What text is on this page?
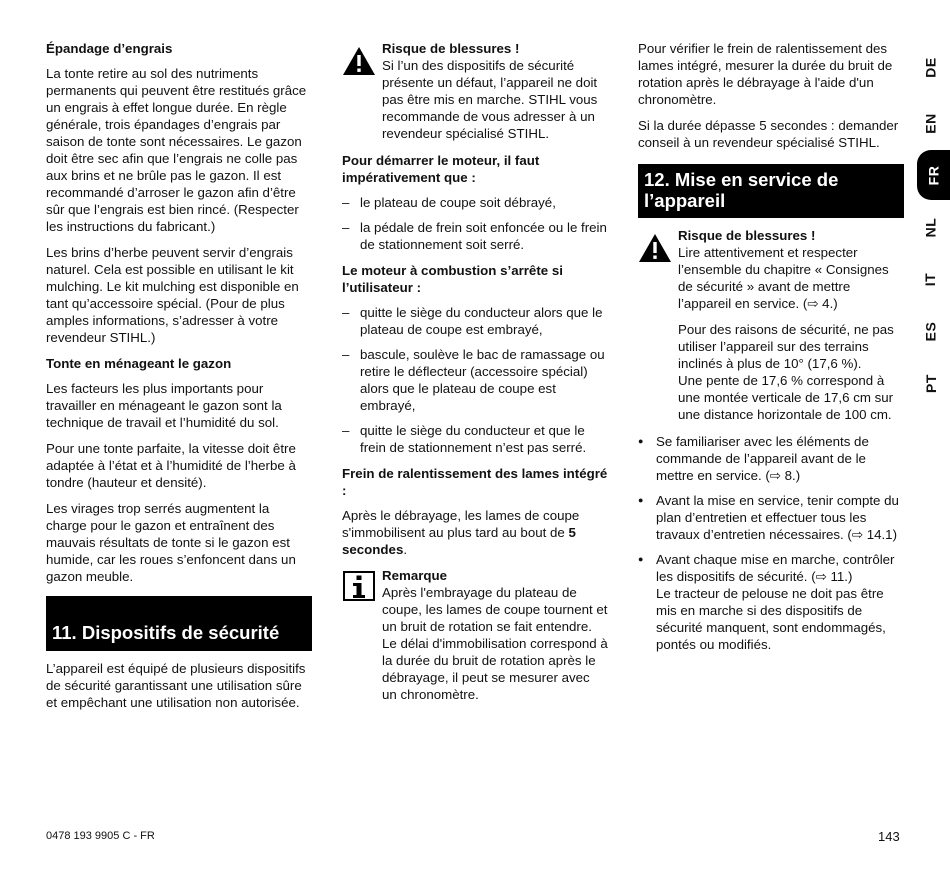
Épandage d’engrais

La tonte retire au sol des nutriments permanents qui peuvent être restitués grâce un engrais à effet longue durée. En règle générale, trois épandages d’engrais par saison de tonte sont nécessaires. Le gazon doit être sec afin que l’engrais ne colle pas aux brins et ne brûle pas le gazon. Il est recommandé d’arroser le gazon afin d’être sûr que l’engrais est bien rincé. (Respecter les instructions du fabricant.)

Les brins d’herbe peuvent servir d’engrais naturel. Cela est possible en utilisant le kit mulching. Le kit mulching est disponible en tant qu’accessoire spécial. (Pour de plus amples informations, s’adresser à votre revendeur STIHL.)

Tonte en ménageant le gazon

Les facteurs les plus importants pour travailler en ménageant le gazon sont la technique de travail et l’humidité du sol.

Pour une tonte parfaite, la vitesse doit être adaptée à l’état et à l’humidité de l’herbe à tondre (hauteur et densité).

Les virages trop serrés augmentent la charge pour le gazon et entraînent des mauvais résultats de tonte si le gazon est humide, car les roues s’enfoncent dans un gazon meuble.

11. Dispositifs de sécurité

L’appareil est équipé de plusieurs dispositifs de sécurité garantissant une utilisation sûre et empêchant une utilisation non autorisée.

Risque de blessures !

Si l’un des dispositifs de sécurité présente un défaut, l’appareil ne doit pas être mis en marche. STIHL vous recommande de vous adresser à un revendeur spécialisé STIHL.

Pour démarrer le moteur, il faut impérativement que :
– le plateau de coupe soit débrayé,
– la pédale de frein soit enfoncée ou le frein de stationnement soit serré.
Le moteur à combustion s’arrête si l’utilisateur :
– quitte le siège du conducteur alors que le plateau de coupe est embrayé,
– bascule, soulève le bac de ramassage ou retire le déflecteur (accessoire spécial) alors que le plateau de coupe est embrayé,
– quitte le siège du conducteur et que le frein de stationnement n’est pas serré.
Frein de ralentissement des lames intégré :

Après le débrayage, les lames de coupe s'immobilisent au plus tard au bout de 5 secondes.

Remarque
Après l'embrayage du plateau de coupe, les lames de coupe tournent et un bruit de rotation se fait entendre.
Le délai d'immobilisation correspond à la durée du bruit de rotation après le débrayage, il peut se mesurer avec un chronomètre.

Pour vérifier le frein de ralentissement des lames intégré, mesurer la durée du bruit de rotation après le débrayage à l'aide d'un chronomètre.

Si la durée dépasse 5 secondes : demander conseil à un revendeur spécialisé STIHL.

12. Mise en service de l’appareil
Risque de blessures !

Lire attentivement et respecter l’ensemble du chapitre « Consignes de sécurité » avant de mettre l’appareil en service. (⇨ 4.)

Pour des raisons de sécurité, ne pas utiliser l’appareil sur des terrains inclinés à plus de 10° (17,6 %).
Une pente de 17,6 % correspond à une montée verticale de 17,6 cm sur une distance horizontale de 100 cm.
● Se familiariser avec les éléments de commande de l’appareil avant de le mettre en service. (⇨ 8.)
● Avant la mise en service, tenir compte du plan d’entretien et effectuer tous les travaux d’entretien nécessaires. (⇨ 14.1)
● Avant chaque mise en marche, contrôler les dispositifs de sécurité. (⇨ 11.)
Le tracteur de pelouse ne doit pas être mis en marche si des dispositifs de sécurité manquent, sont endommagés, pontés ou modifiés.
DE
EN
FR
NL
IT
ES
PT
0478 193 9905 C - FR	143
